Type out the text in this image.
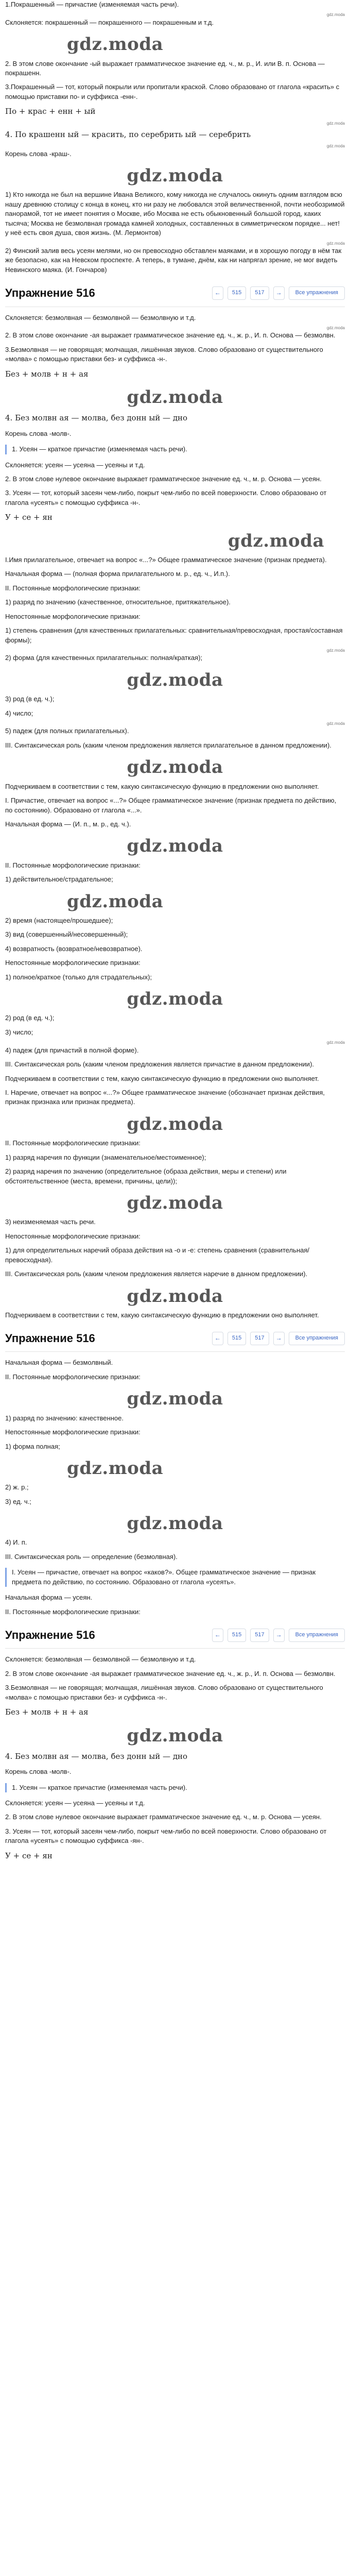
1.Покрашенный — причастие (изменяемая часть речи).

gdz.moda

Склоняется: покрашенный — покрашенного — покрашенным и т.д.

gdz.moda

2. В этом слове окончание -ый выражает грамматическое значение ед. ч., м. р., И. или В. п. Основа — покрашенн.

3.Покрашенный — тот, который покрыли или пропитали краской. Слово образовано от глагола «красить» с помощью приставки по- и суффикса -енн-.

По + крас + енн + ый
gdz.moda
4. По крашенн ый — красить, по серебрить ый — серебрить
gdz.moda

Корень слова -краш-.

gdz.moda

1) Кто никогда не был на вершине Ивана Великого, кому никогда не случалось окинуть одним взглядом всю нашу древнюю столицу с конца в конец, кто ни разу не любовался этой величественной, почти необозримой панорамой, тот не имеет понятия о Москве, ибо Москва не есть обыкновенный большой город, каких тысяча; Москва не безмолвная громада камней холодных, составленных в симметрическом порядке... нет! у неё есть своя душа, своя жизнь. (М. Лермонтов)

gdz.moda

2) Финский залив весь усеян мелями, но он превосходно обставлен маяками, и в хорошую погоду в нём так же безопасно, как на Невском проспекте. А теперь, в тумане, днём, как ни напрягал зрение, не мог видеть Невинского маяка. (И. Гончаров)

Упражнение 516	←	515	517	→	Все упражнения

Склоняется: безмолвная — безмолвной — безмолвную и т.д.

gdz.moda

2. В этом слове окончание -ая выражает грамматическое значение ед. ч., ж. р., И. п. Основа — безмолвн.

3.Безмолвная — не говорящая; молчащая, лишённая звуков. Слово образовано от существительного «молва» с помощью приставки без- и суффикса -н-.

Без + молв + н + ая
gdz.moda
4. Без молвн ая — молва, без донн ый — дно

Корень слова -молв-.

1. Усеян — краткое причастие (изменяемая часть речи).

Склоняется: усеян — усеяна — усеяны и т.д.

2. В этом слове нулевое окончание выражает грамматическое значение ед. ч., м. р. Основа — усеян.

3. Усеян — тот, который засеян чем-либо, покрыт чем-либо по всей поверхности. Слово образовано от глагола «усеять» с помощью суффикса -н-.

У + се + ян
gdz.moda

I.Имя прилагательное, отвечает на вопрос «...?» Общее грамматическое значение (признак предмета).

Начальная форма — (полная форма прилагательного м. р., ед. ч., И.п.).

II. Постоянные морфологические признаки:

1) разряд по значению (качественное, относительное, притяжательное).

Непостоянные морфологические признаки:

1) степень сравнения (для качественных прилагательных: сравнительная/превосходная, простая/составная формы);

gdz.moda

2) форма (для качественных прилагательных: полная/краткая);

gdz.moda

3) род (в ед. ч.);

4) число;

gdz.moda

5) падеж (для полных прилагательных).

III. Синтаксическая роль (каким членом предложения является прилагательное в данном предложении).

gdz.moda

Подчеркиваем в соответствии с тем, какую синтаксическую функцию в предложении оно выполняет.

I. Причастие, отвечает на вопрос «...?» Общее грамматическое значение (признак предмета по действию, по состоянию). Образовано от глагола «...».

Начальная форма — (И. п., м. р., ед. ч.).

gdz.moda

II. Постоянные морфологические признаки:

1) действительное/страдательное;

gdz.moda

2) время (настоящее/прошедшее);

3) вид (совершенный/несовершенный);

4) возвратность (возвратное/невозвратное).

Непостоянные морфологические признаки:

1) полное/краткое (только для страдательных);

gdz.moda

2) род (в ед. ч.);

3) число;

gdz.moda

4) падеж (для причастий в полной форме).

III. Синтаксическая роль (каким членом предложения является причастие в данном предложении).

Подчеркиваем в соответствии с тем, какую синтаксическую функцию в предложении оно выполняет.

I. Наречие, отвечает на вопрос «...?» Общее грамматическое значение (обозначает признак действия, признак признака или признак предмета).

gdz.moda

II. Постоянные морфологические признаки:

1) разряд наречия по функции (знаменательное/местоименное);

2) разряд наречия по значению (определительное (образа действия, меры и степени) или обстоятельственное (места, времени, причины, цели));

gdz.moda

3) неизменяемая часть речи.

Непостоянные морфологические признаки:

1) для определительных наречий образа действия на -о и -е: степень сравнения (сравнительная/превосходная).

III. Синтаксическая роль (каким членом предложения является наречие в данном предложении).

gdz.moda

Подчеркиваем в соответствии с тем, какую синтаксическую функцию в предложении оно выполняет.

Упражнение 516	←	515	517	→	Все упражнения

Начальная форма — безмолвный.

II. Постоянные морфологические признаки:

gdz.moda

1) разряд по значению: качественное.

Непостоянные морфологические признаки:

1) форма полная;

gdz.moda

2) ж. р.;

3) ед. ч.;

gdz.moda

4) И. п.

III. Синтаксическая роль — определение (безмолвная).

I. Усеян — причастие, отвечает на вопрос «каков?». Общее грамматическое значение — признак предмета по действию, по состоянию. Образовано от глагола «усеять».

Начальная форма — усеян.

II. Постоянные морфологические признаки:

Упражнение 516	←	515	517	→	Все упражнения

Склоняется: безмолвная — безмолвной — безмолвную и т.д.

2. В этом слове окончание -ая выражает грамматическое значение ед. ч., ж. р., И. п. Основа — безмолвн.

3.Безмолвная — не говорящая; молчащая, лишённая звуков. Слово образовано от существительного «молва» с помощью приставки без- и суффикса -н-.

Без + молв + н + ая
gdz.moda
4. Без молвн ая — молва, без донн ый — дно

Корень слова -молв-.

1. Усеян — краткое причастие (изменяемая часть речи).

Склоняется: усеян — усеяна — усеяны и т.д.

2. В этом слове нулевое окончание выражает грамматическое значение ед. ч., м. р. Основа — усеян.

3. Усеян — тот, который засеян чем-либо, покрыт чем-либо по всей поверхности. Слово образовано от глагола «усеять» с помощью суффикса -ян-.

У + се + ян
